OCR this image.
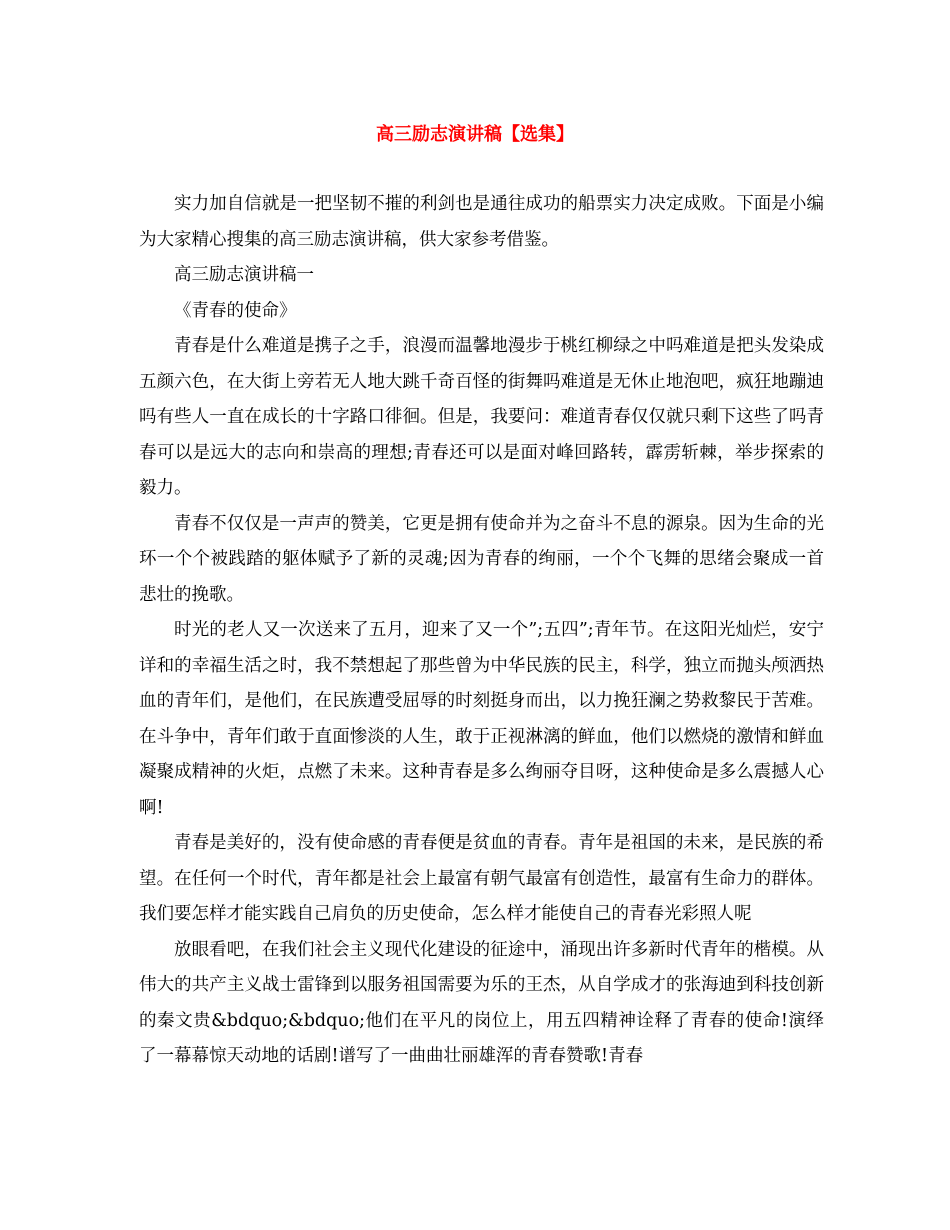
高三励志演讲稿【选集】

实力加自信就是一把坚韧不摧的利剑也是通往成功的船票实力决定成败。下面是小编为大家精心搜集的高三励志演讲稿，供大家参考借鉴。

高三励志演讲稿一

《青春的使命》

青春是什么难道是携子之手，浪漫而温馨地漫步于桃红柳绿之中吗难道是把头发染成五颜六色，在大街上旁若无人地大跳千奇百怪的街舞吗难道是无休止地泡吧，疯狂地蹦迪吗有些人一直在成长的十字路口徘徊。但是，我要问：难道青春仅仅就只剩下这些了吗青春可以是远大的志向和崇高的理想;青春还可以是面对峰回路转，霹雳斩棘，举步探索的毅力。

青春不仅仅是一声声的赞美，它更是拥有使命并为之奋斗不息的源泉。因为生命的光环一个个被践踏的躯体赋予了新的灵魂;因为青春的绚丽，一个个飞舞的思绪会聚成一首悲壮的挽歌。

时光的老人又一次送来了五月，迎来了又一个”;五四”;青年节。在这阳光灿烂，安宁详和的幸福生活之时，我不禁想起了那些曾为中华民族的民主，科学，独立而抛头颅洒热血的青年们，是他们，在民族遭受屈辱的时刻挺身而出，以力挽狂澜之势救黎民于苦难。在斗争中，青年们敢于直面惨淡的人生，敢于正视淋漓的鲜血，他们以燃烧的激情和鲜血凝聚成精神的火炬，点燃了未来。这种青春是多么绚丽夺目呀，这种使命是多么震撼人心啊!

青春是美好的，没有使命感的青春便是贫血的青春。青年是祖国的未来，是民族的希望。在任何一个时代，青年都是社会上最富有朝气最富有创造性，最富有生命力的群体。我们要怎样才能实践自己肩负的历史使命，怎么样才能使自己的青春光彩照人呢

放眼看吧，在我们社会主义现代化建设的征途中，涌现出许多新时代青年的楷模。从伟大的共产主义战士雷锋到以服务祖国需要为乐的王杰，从自学成才的张海迪到科技创新的秦文贵&bdquo;&bdquo;他们在平凡的岗位上，用五四精神诠释了青春的使命!演绎了一幕幕惊天动地的话剧!谱写了一曲曲壮丽雄浑的青春赞歌!青春
